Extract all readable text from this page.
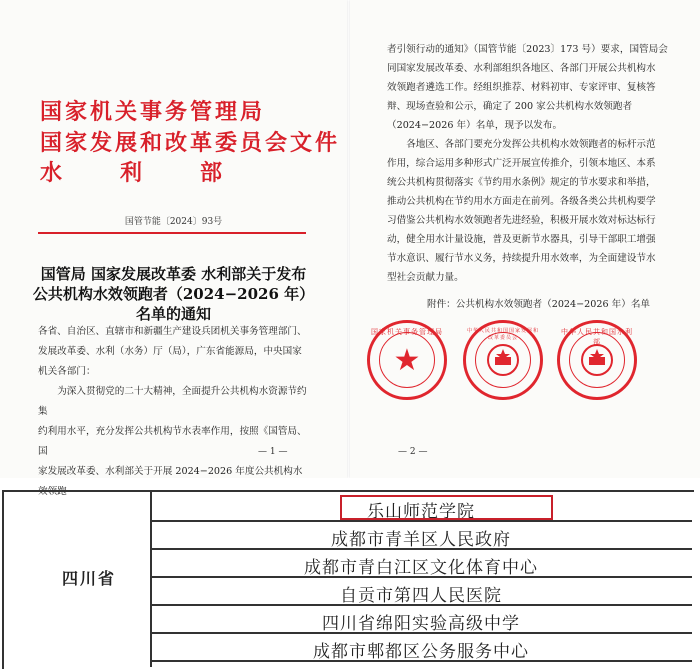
国家机关事务管理局
国家发展和改革委员会文件
水 利 部
国管节能〔2024〕93号
国管局 国家发展改革委 水利部关于发布
公共机构水效领跑者（2024−2026 年）
名单的通知

各省、自治区、直辖市和新疆生产建设兵团机关事务管理部门、

发展改革委、水利（水务）厅（局），广东省能源局，中央国家

机关各部门：

为深入贯彻党的二十大精神，全面提升公共机构水资源节约集

约利用水平，充分发挥公共机构节水表率作用，按照《国管局、国

家发展改革委、水利部关于开展 2024−2026 年度公共机构水效领跑

— 1 —

者引领行动的通知》（国管节能〔2023〕173 号）要求，国管局会

同国家发展改革委、水利部组织各地区、各部门开展公共机构水

效领跑者遴选工作。经组织推荐、材料初审、专家评审、复核答

辩、现场查验和公示，确定了 200 家公共机构水效领跑者

（2024−2026 年）名单，现予以发布。

各地区、各部门要充分发挥公共机构水效领跑者的标杆示范

作用，综合运用多种形式广泛开展宣传推介，引领本地区、本系

统公共机构贯彻落实《节约用水条例》规定的节水要求和举措，

推动公共机构在节约用水方面走在前列。各级各类公共机构要学

习借鉴公共机构水效领跑者先进经验，积极开展水效对标达标行

动，健全用水计量设施，普及更新节水器具，引导干部职工增强

节水意识、履行节水义务，持续提升用水效率，为全面建设节水

型社会贡献力量。

附件：公共机构水效领跑者（2024−2026 年）名单
国家机关事务管理局
★
中华人民共和国国家发展和改革委员会
中华人民共和国水利部
— 2 —
四川省
乐山师范学院
成都市青羊区人民政府
成都市青白江区文化体育中心
自贡市第四人民医院
四川省绵阳实验高级中学
成都市郫都区公务服务中心
